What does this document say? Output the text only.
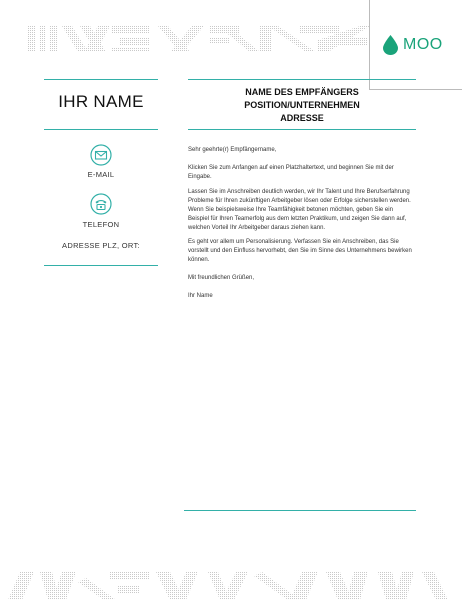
MOO
IHR NAME
E-MAIL
TELEFON
ADRESSE PLZ, ORT:
NAME DES EMPFÄNGERS
POSITION/UNTERNEHMEN
ADRESSE

Sehr geehrte(r) Empfängername,

Klicken Sie zum Anfangen auf einen Platzhaltertext, und beginnen Sie mit der Eingabe.

Lassen Sie im Anschreiben deutlich werden, wir Ihr Talent und Ihre Berufserfahrung Probleme für Ihren zukünftigen Arbeitgeber lösen oder Erfolge sicherstellen werden. Wenn Sie beispielsweise Ihre Teamfähigkeit betonen möchten, geben Sie ein Beispiel für Ihren Teamerfolg aus dem letzten Praktikum, und zeigen Sie dann auf, welchen Vorteil Ihr Arbeitgeber daraus ziehen kann.

Es geht vor allem um Personalisierung. Verfassen Sie ein Anschreiben, das Sie vorstellt und den Einfluss hervorhebt, den Sie im Sinne des Unternehmens bewirken können.

Mit freundlichen Grüßen,

Ihr Name
